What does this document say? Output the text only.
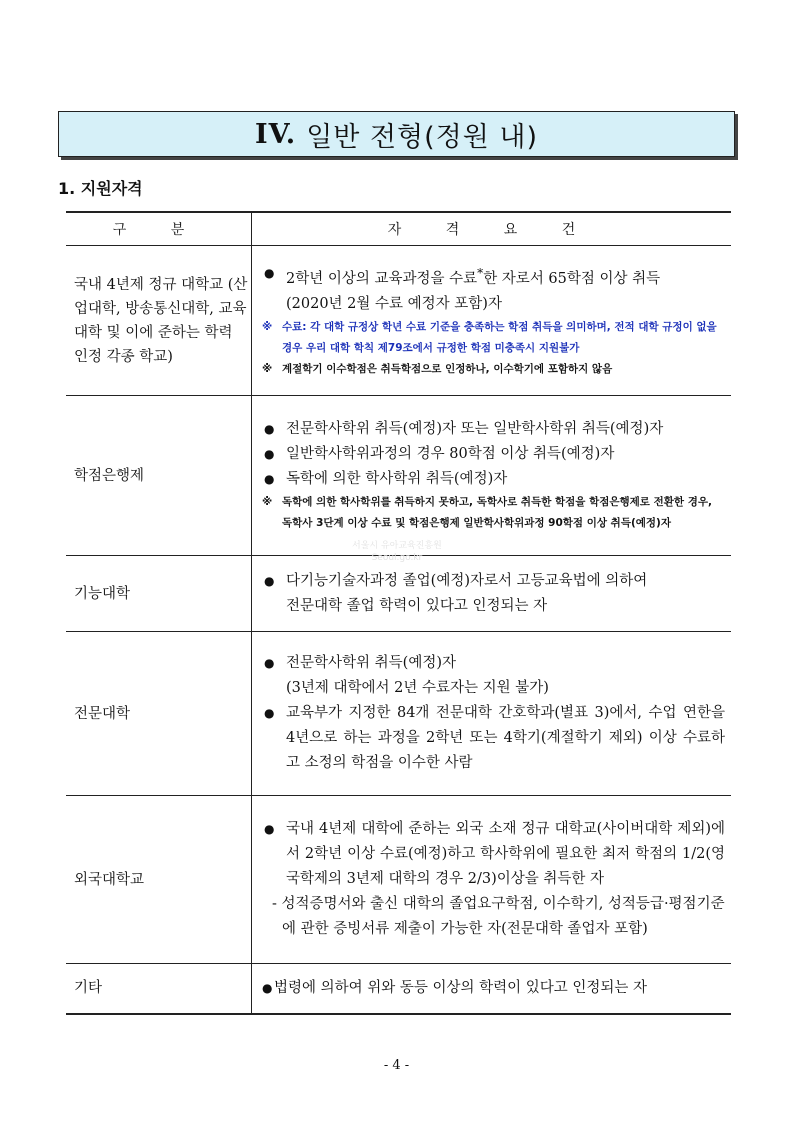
IV. 일반 전형(정원 내)
1. 지원자격
구 분	자 격 요 건
국내 4년제 정규 대학교 (산업대학, 방송통신대학, 교육대학 및 이에 준하는 학력 인정 각종 학교)	● 2학년 이상의 교육과정을 수료*한 자로서 65학점 이상 취득
(2020년 2월 수료 예정자 포함)자
※ 수료: 각 대학 규정상 학년 수료 기준을 충족하는 학점 취득을 의미하며, 전적 대학 규정이 없을 경우 우리 대학 학칙 제79조에서 규정한 학점 미충족시 지원불가
※ 계절학기 이수학점은 취득학점으로 인정하나, 이수학기에 포함하지 않음

학점은행제	● 전문학사학위 취득(예정)자 또는 일반학사학위 취득(예정)자
● 일반학사학위과정의 경우 80학점 이상 취득(예정)자
● 독학에 의한 학사학위 취득(예정)자
※ 독학에 의한 학사학위를 취득하지 못하고, 독학사로 취득한 학점을 학점은행제로 전환한 경우, 독학사 3단계 이상 수료 및 학점은행제 일반학사학위과정 90학점 이상 취득(예정)자

기능대학	● 다기능기술자과정 졸업(예정)자로서 고등교육법에 의하여
전문대학 졸업 학력이 있다고 인정되는 자

전문대학	● 전문학사학위 취득(예정)자
(3년제 대학에서 2년 수료자는 지원 불가)
● 교육부가 지정한 84개 전문대학 간호학과(별표 3)에서, 수업 연한을 4년으로 하는 과정을 2학년 또는 4학기(계절학기 제외) 이상 수료하고 소정의 학점을 이수한 사람

외국대학교	● 국내 4년제 대학에 준하는 외국 소재 정규 대학교(사이버대학 제외)에서 2학년 이상 수료(예정)하고 학사학위에 필요한 최저 학점의 1/2(영국학제의 3년제 대학의 경우 2/3)이상을 취득한 자
- 성적증명서와 출신 대학의 졸업요구학점, 이수학기, 성적등급·평점기준에 관한 증빙서류 제출이 가능한 자(전문대학 졸업자 포함)

기타	● 법령에 의하여 위와 동등 이상의 학력이 있다고 인정되는 자
서울시 유아교육진흥원
Seoul.go.kr
- 4 -
